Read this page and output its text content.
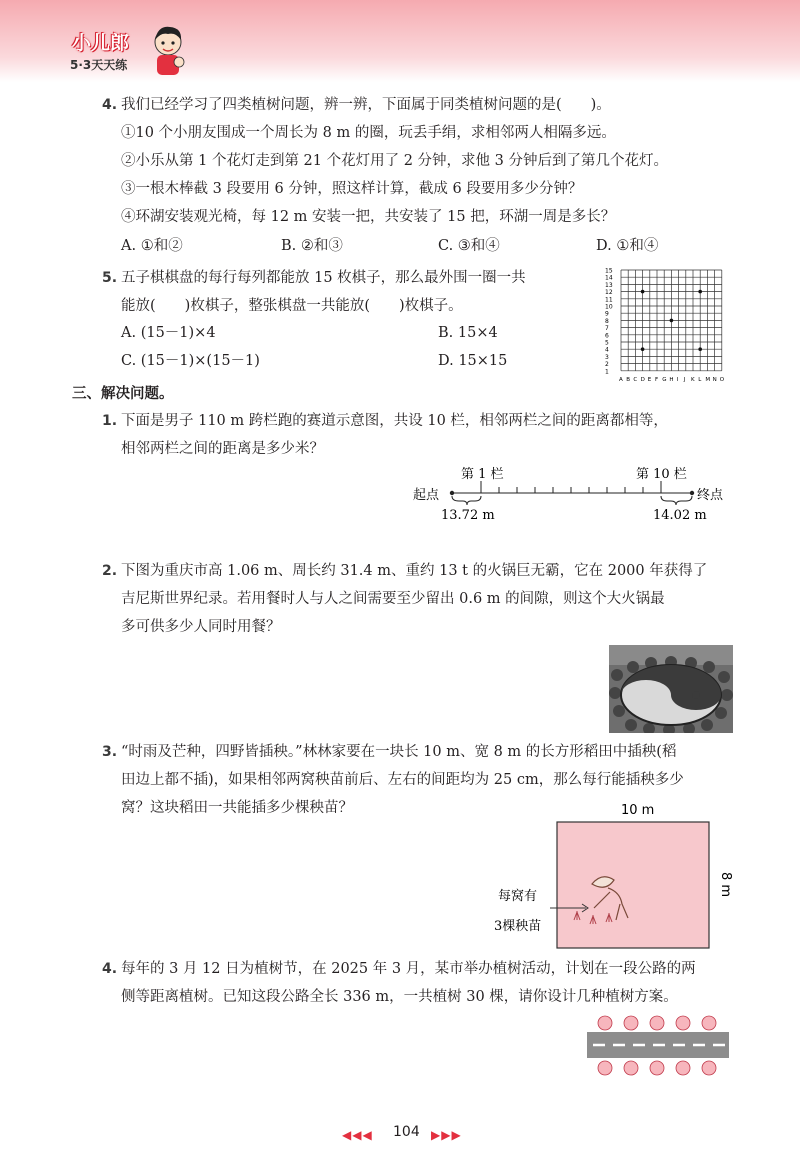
小儿郎
5·3天天练
4. 我们已经学习了四类植树问题，辨一辨，下面属于同类植树问题的是(　　)。
①10 个小朋友围成一个周长为 8 m 的圈，玩丢手绢，求相邻两人相隔多远。
②小乐从第 1 个花灯走到第 21 个花灯用了 2 分钟，求他 3 分钟后到了第几个花灯。
③一根木棒截 3 段要用 6 分钟，照这样计算，截成 6 段要用多少分钟？
④环湖安装观光椅，每 12 m 安装一把，共安装了 15 把，环湖一周是多长？
A. ①和②	B. ②和③	C. ③和④	D. ①和④
5. 五子棋棋盘的每行每列都能放 15 枚棋子，那么最外围一圈一共
能放(　　)枚棋子，整张棋盘一共能放(　　)枚棋子。
A. (15－1)×4	B. 15×4
C. (15－1)×(15－1)	D. 15×15
15
A
14
B
13
C
12
D
11
E
10
F
9
G
8
H
7
I
6
J
5
K
4
L
3
M
2
N
1
O
三、解决问题。
1. 下面是男子 110 m 跨栏跑的赛道示意图，共设 10 栏，相邻两栏之间的距离都相等，
相邻两栏之间的距离是多少米？
第 1 栏	第 10 栏
起点	终点
13.72 m	14.02 m
2. 下图为重庆市高 1.06 m、周长约 31.4 m、重约 13 t 的火锅巨无霸，它在 2000 年获得了
吉尼斯世界纪录。若用餐时人与人之间需要至少留出 0.6 m 的间隙，则这个大火锅最
多可供多少人同时用餐？
3. “时雨及芒种，四野皆插秧。”林林家要在一块长 10 m、宽 8 m 的长方形稻田中插秧(稻
田边上都不插)，如果相邻两窝秧苗前后、左右的间距均为 25 cm，那么每行能插秧多少
窝？这块稻田一共能插多少棵秧苗？	10 m
8 m
每窝有
3棵秧苗
4. 每年的 3 月 12 日为植树节，在 2025 年 3 月，某市举办植树活动，计划在一段公路的两
侧等距离植树。已知这段公路全长 336 m，一共植树 30 棵，请你设计几种植树方案。
◀◀◀ 104 ▶▶▶
